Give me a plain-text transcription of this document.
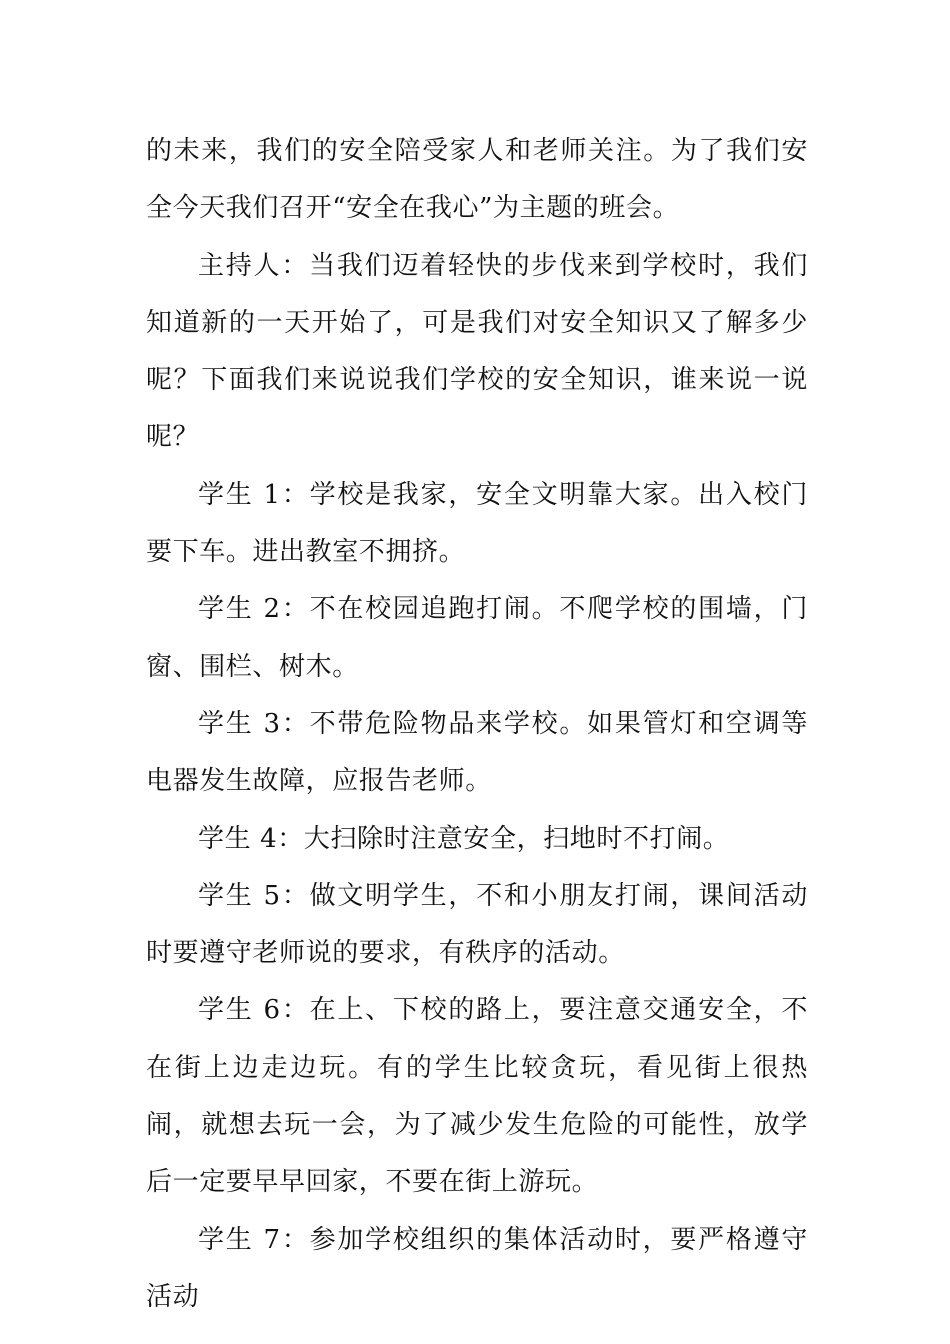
的未来，我们的安全陪受家人和老师关注。为了我们安全今天我们召开“安全在我心”为主题的班会。

主持人：当我们迈着轻快的步伐来到学校时，我们知道新的一天开始了，可是我们对安全知识又了解多少呢？下面我们来说说我们学校的安全知识，谁来说一说呢？

学生 1：学校是我家，安全文明靠大家。出入校门要下车。进出教室不拥挤。

学生 2：不在校园追跑打闹。不爬学校的围墙，门窗、围栏、树木。

学生 3：不带危险物品来学校。如果管灯和空调等电器发生故障，应报告老师。

学生 4：大扫除时注意安全，扫地时不打闹。

学生 5：做文明学生，不和小朋友打闹，课间活动时要遵守老师说的要求，有秩序的活动。

学生 6：在上、下校的路上，要注意交通安全，不在街上边走边玩。有的学生比较贪玩，看见街上很热闹，就想去玩一会，为了减少发生危险的可能性，放学后一定要早早回家，不要在街上游玩。

学生 7：参加学校组织的集体活动时，要严格遵守活动
